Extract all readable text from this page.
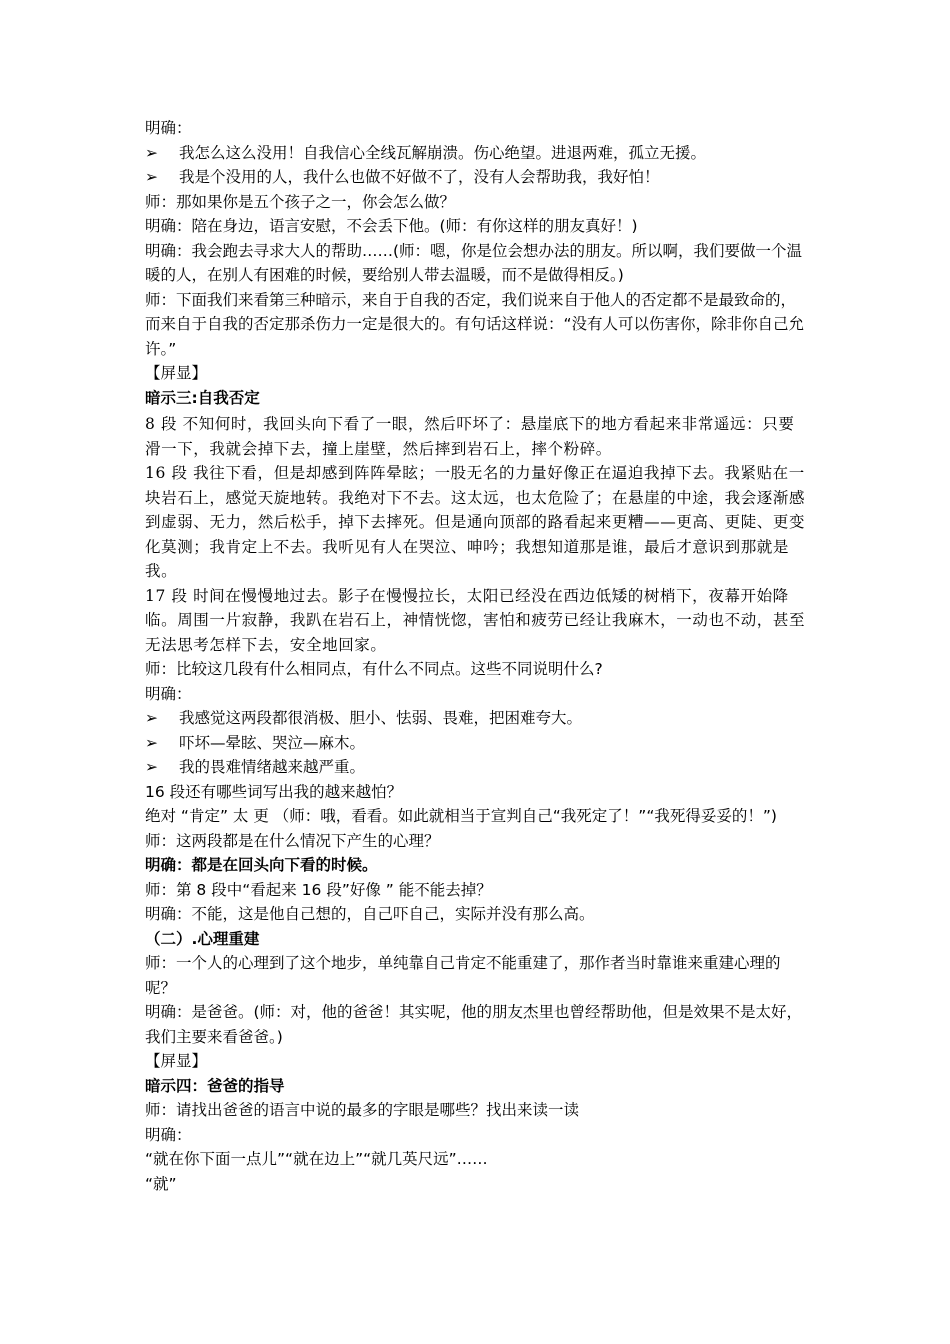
明确：
➢	我怎么这么没用！自我信心全线瓦解崩溃。伤心绝望。进退两难，孤立无援。
➢	我是个没用的人，我什么也做不好做不了，没有人会帮助我，我好怕！
师：那如果你是五个孩子之一，你会怎么做？
明确：陪在身边，语言安慰，不会丢下他。(师：有你这样的朋友真好！)
明确：我会跑去寻求大人的帮助……(师：嗯，你是位会想办法的朋友。所以啊，我们要做一个温暖的人，在别人有困难的时候，要给别人带去温暖，而不是做得相反。)
师：下面我们来看第三种暗示，来自于自我的否定，我们说来自于他人的否定都不是最致命的，而来自于自我的否定那杀伤力一定是很大的。有句话这样说：“没有人可以伤害你，除非你自己允许。”
【屏显】
暗示三:自我否定
8 段 不知何时，我回头向下看了一眼，然后吓坏了：悬崖底下的地方看起来非常遥远：只要滑一下，我就会掉下去，撞上崖壁，然后摔到岩石上，摔个粉碎。
16 段 我往下看，但是却感到阵阵晕眩；一股无名的力量好像正在逼迫我掉下去。我紧贴在一块岩石上，感觉天旋地转。我绝对下不去。这太远，也太危险了；在悬崖的中途，我会逐渐感到虚弱、无力，然后松手，掉下去摔死。但是通向顶部的路看起来更糟——更高、更陡、更变化莫测；我肯定上不去。我听见有人在哭泣、呻吟；我想知道那是谁，最后才意识到那就是我。
17 段 时间在慢慢地过去。影子在慢慢拉长，太阳已经没在西边低矮的树梢下，夜幕开始降临。周围一片寂静，我趴在岩石上，神情恍惚，害怕和疲劳已经让我麻木，一动也不动，甚至无法思考怎样下去，安全地回家。
师：比较这几段有什么相同点，有什么不同点。这些不同说明什么?
明确：
➢	我感觉这两段都很消极、胆小、怯弱、畏难，把困难夸大。
➢	吓坏—晕眩、哭泣—麻木。
➢	我的畏难情绪越来越严重。
16 段还有哪些词写出我的越来越怕？
绝对 “肯定” 太 更 （师：哦，看看。如此就相当于宣判自己“我死定了！”“我死得妥妥的！”)
师：这两段都是在什么情况下产生的心理？
明确：都是在回头向下看的时候。
师：第 8 段中“看起来 16 段”好像 ” 能不能去掉？
明确：不能，这是他自己想的，自己吓自己，实际并没有那么高。
（二）.心理重建
师：一个人的心理到了这个地步，单纯靠自己肯定不能重建了，那作者当时靠谁来重建心理的呢？
明确：是爸爸。(师：对，他的爸爸！其实呢，他的朋友杰里也曾经帮助他，但是效果不是太好，我们主要来看爸爸。)
【屏显】
暗示四：爸爸的指导
师：请找出爸爸的语言中说的最多的字眼是哪些？找出来读一读
明确：
“就在你下面一点儿”“就在边上”“就几英尺远”……
“就”
